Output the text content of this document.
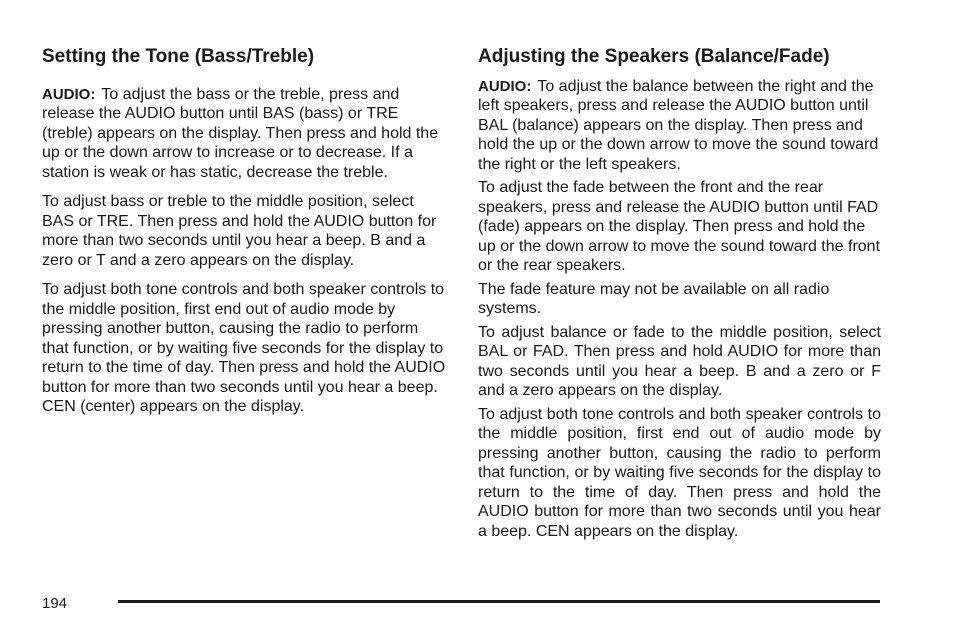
Setting the Tone (Bass/Treble)

AUDIO: To adjust the bass or the treble, press and release the AUDIO button until BAS (bass) or TRE (treble) appears on the display. Then press and hold the up or the down arrow to increase or to decrease. If a station is weak or has static, decrease the treble.

To adjust bass or treble to the middle position, select BAS or TRE. Then press and hold the AUDIO button for more than two seconds until you hear a beep. B and a zero or T and a zero appears on the display.

To adjust both tone controls and both speaker controls to the middle position, first end out of audio mode by pressing another button, causing the radio to perform that function, or by waiting five seconds for the display to return to the time of day. Then press and hold the AUDIO button for more than two seconds until you hear a beep. CEN (center) appears on the display.

Adjusting the Speakers (Balance/Fade)

AUDIO: To adjust the balance between the right and the left speakers, press and release the AUDIO button until BAL (balance) appears on the display. Then press and hold the up or the down arrow to move the sound toward the right or the left speakers.

To adjust the fade between the front and the rear speakers, press and release the AUDIO button until FAD (fade) appears on the display. Then press and hold the up or the down arrow to move the sound toward the front or the rear speakers.

The fade feature may not be available on all radio systems.

To adjust balance or fade to the middle position, select BAL or FAD. Then press and hold AUDIO for more than two seconds until you hear a beep. B and a zero or F and a zero appears on the display.

To adjust both tone controls and both speaker controls to the middle position, first end out of audio mode by pressing another button, causing the radio to perform that function, or by waiting five seconds for the display to return to the time of day. Then press and hold the AUDIO button for more than two seconds until you hear a beep. CEN appears on the display.

194
